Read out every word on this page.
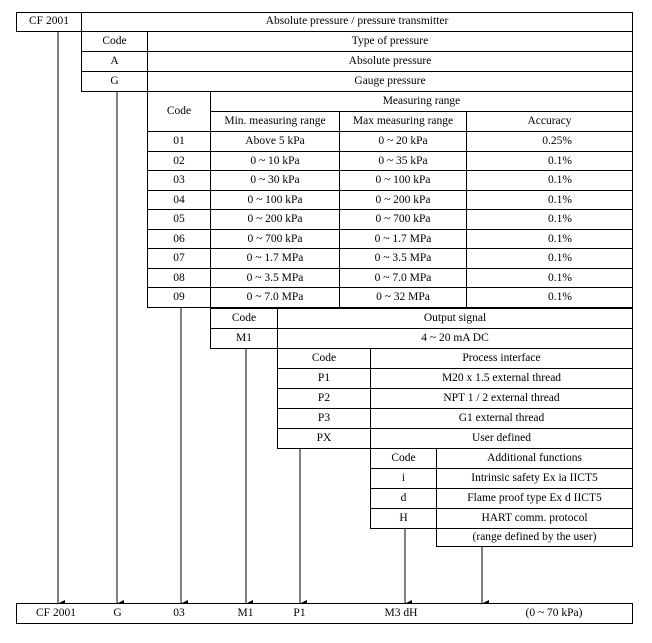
CF 2001	Absolute pressure / pressure transmitter
Code	Type of pressure
A	Absolute pressure
G	Gauge pressure
Code
Measuring range
Min. measuring range	Max measuring range	Accuracy
01	Above 5 kPa	0 ~ 20 kPa	0.25%
02	0 ~ 10 kPa	0 ~ 35 kPa	0.1%
03	0 ~ 30 kPa	0 ~ 100 kPa	0.1%
04	0 ~ 100 kPa	0 ~ 200 kPa	0.1%
05	0 ~ 200 kPa	0 ~ 700 kPa	0.1%
06	0 ~ 700 kPa	0 ~ 1.7 MPa	0.1%
07	0 ~ 1.7 MPa	0 ~ 3.5 MPa	0.1%
08	0 ~ 3.5 MPa	0 ~ 7.0 MPa	0.1%
09	0 ~ 7.0 MPa	0 ~ 32 MPa	0.1%
Code	Output signal
M1	4 ~ 20 mA DC
Code	Process interface
P1	M20 x 1.5 external thread
P2	NPT 1 / 2 external thread
P3	G1 external thread
PX	User defined
Code	Additional functions
i	Intrinsic safety Ex ia IICT5
d	Flame proof type Ex d IICT5
H	HART comm. protocol
(range defined by the user)
CF 2001	G	03	M1	P1	M3 dH	(0 ~ 70 kPa)
